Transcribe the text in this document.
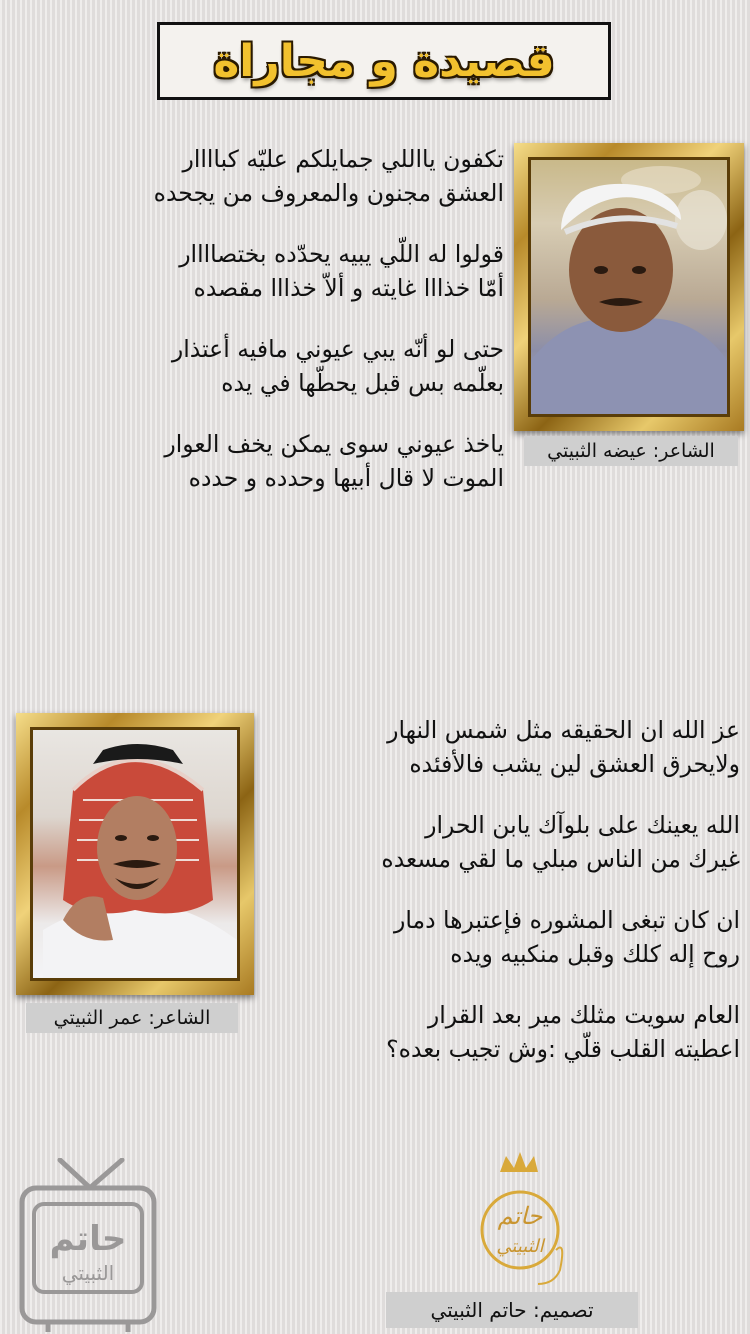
قصيدة و مجاراة
الشاعر: عيضه الثبيتي
تكفون يااللي جمايلكم عليّه كباااار
العشق مجنون والمعروف من يجحده
قولوا له اللّي يبيه يحدّده بختصاااار
أمّا خذااا غايته و ألاّ خذااا مقصده
حتى لو أنّه يبي عيوني مافيه أعتذار
بعلّمه بس قبل يحطّها في يده
ياخذ عيوني سوى يمكن يخف العوار
الموت لا قال أبيها وحدده و حدده
الشاعر: عمر الثبيتي
عز الله ان الحقيقه مثل شمس النهار
ولايحرق العشق لين يشب فالأفئده
الله يعينك على بلوآك يابن الحرار
غيرك من الناس مبلي ما لقي مسعده
ان كان تبغى المشوره فإعتبرها دمار
روح إله كلك وقبل منكبيه ويده
العام سويت مثلك مير بعد القرار
اعطيته القلب قلّي :وش تجيب بعده؟
حاتم
الثبيتي
حاتم
الثبيتي
تصميم: حاتم الثبيتي
